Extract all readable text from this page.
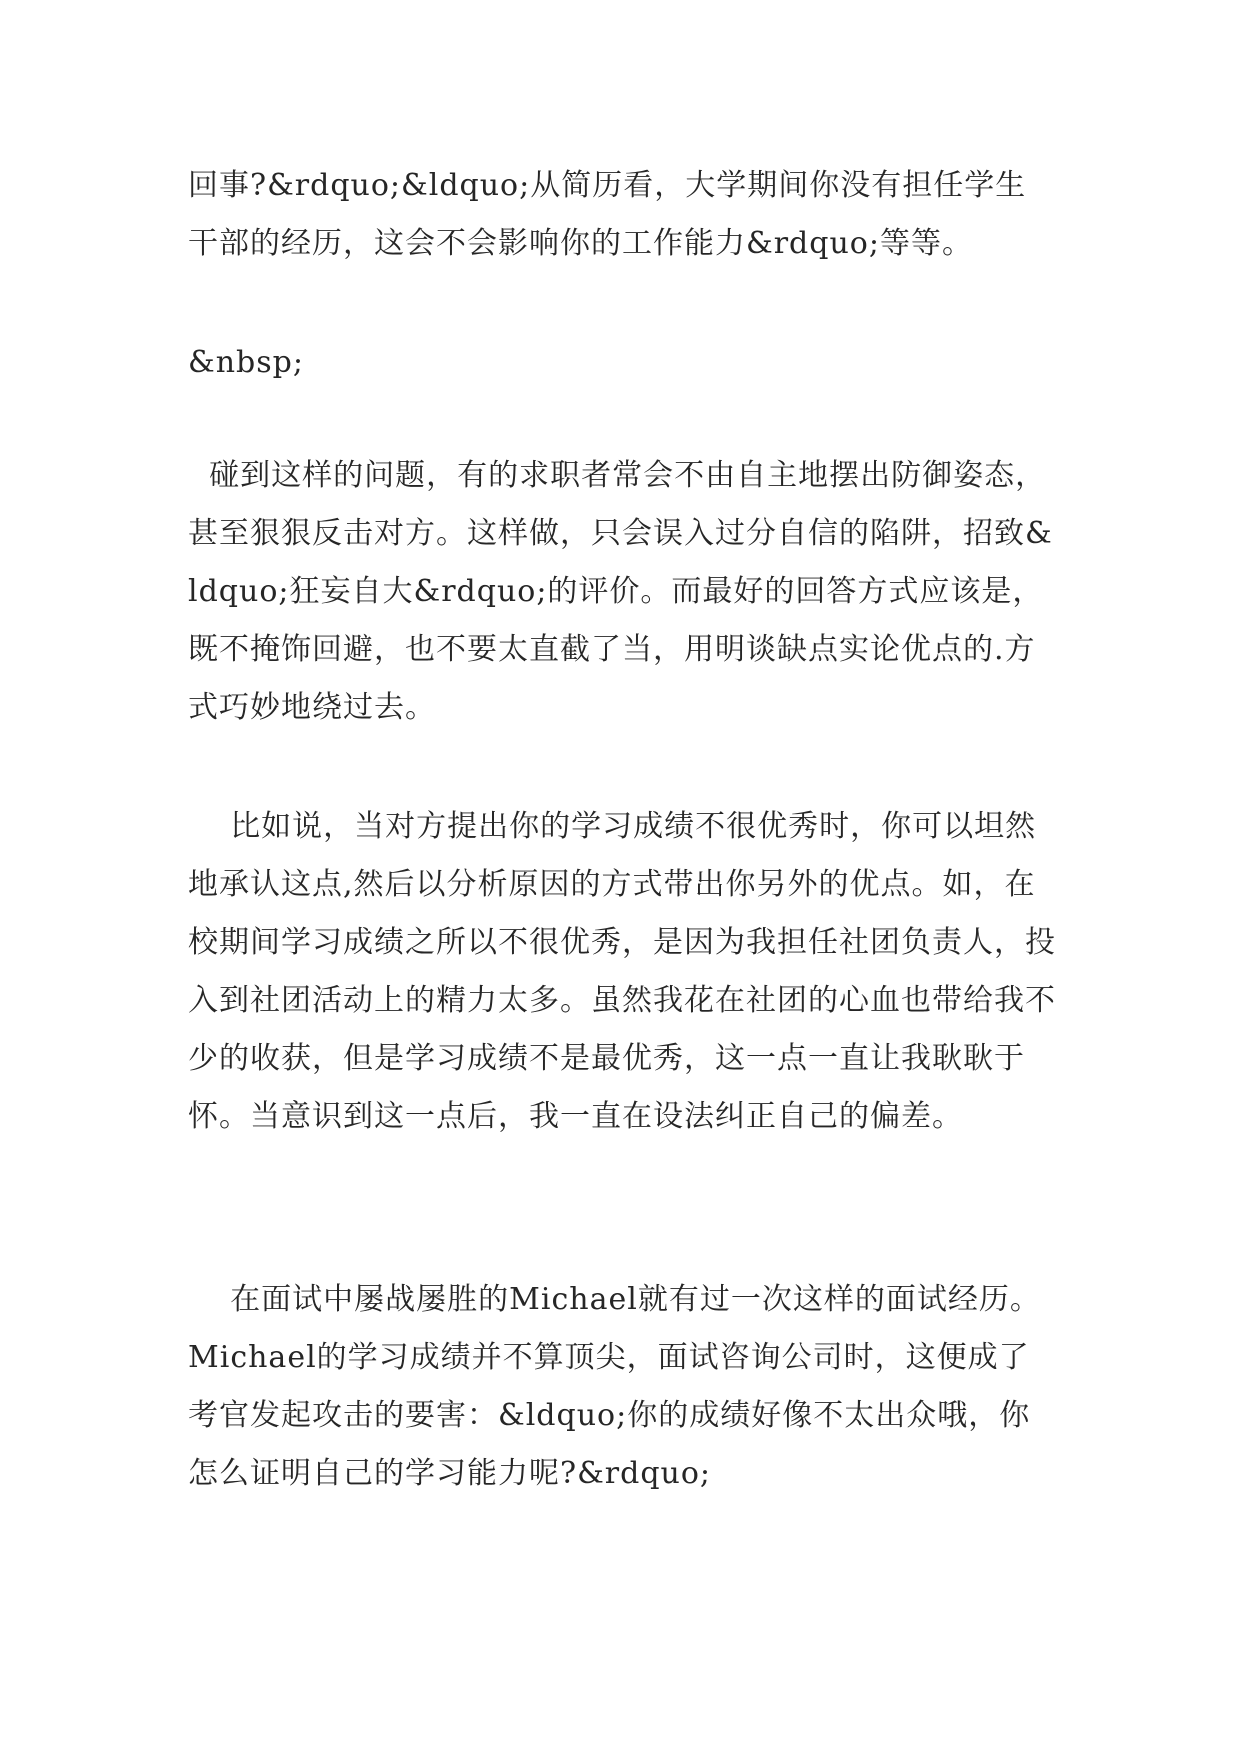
回事?&rdquo;&ldquo;从简历看，大学期间你没有担任学生干部的经历，这会不会影响你的工作能力&rdquo;等等。
&nbsp;
碰到这样的问题，有的求职者常会不由自主地摆出防御姿态，甚至狠狠反击对方。这样做，只会误入过分自信的陷阱，招致&ldquo;狂妄自大&rdquo;的评价。而最好的回答方式应该是，既不掩饰回避，也不要太直截了当，用明谈缺点实论优点的.方式巧妙地绕过去。
比如说，当对方提出你的学习成绩不很优秀时，你可以坦然地承认这点,然后以分析原因的方式带出你另外的优点。如，在校期间学习成绩之所以不很优秀，是因为我担任社团负责人，投入到社团活动上的精力太多。虽然我花在社团的心血也带给我不少的收获，但是学习成绩不是最优秀，这一点一直让我耿耿于怀。当意识到这一点后，我一直在设法纠正自己的偏差。
在面试中屡战屡胜的Michael就有过一次这样的面试经历。Michael的学习成绩并不算顶尖，面试咨询公司时，这便成了考官发起攻击的要害：&ldquo;你的成绩好像不太出众哦，你怎么证明自己的学习能力呢?&rdquo;
